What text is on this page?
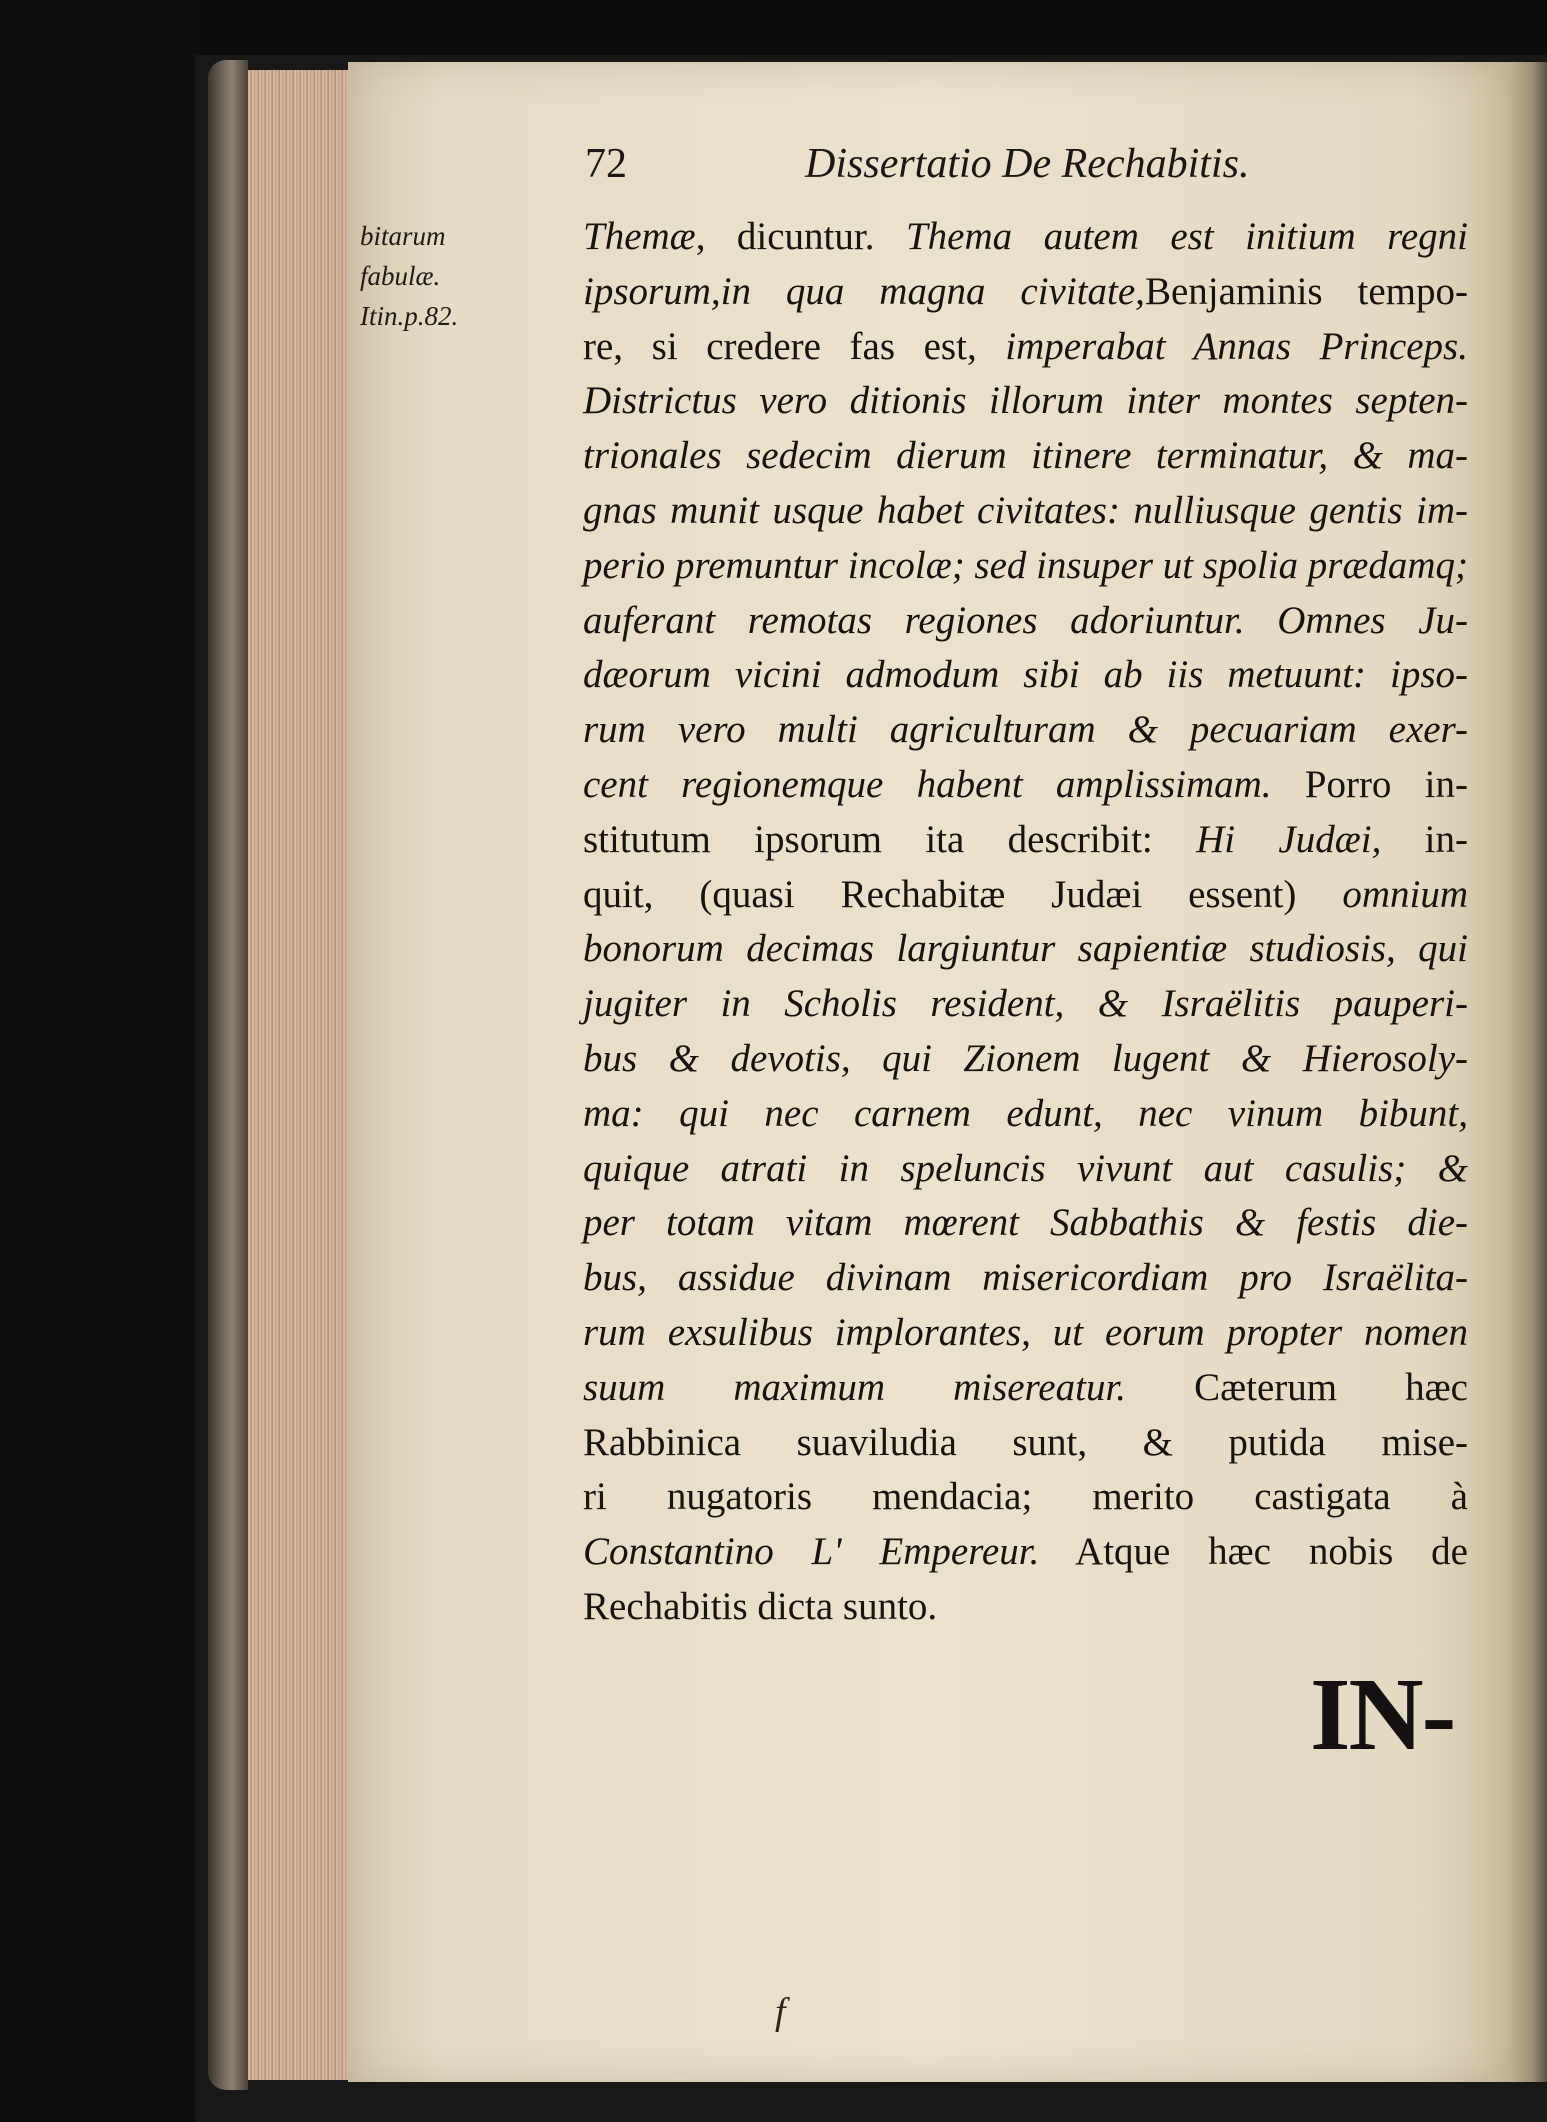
72	Dissertatio De Rechabitis.
bitarum
fabulæ.
Itin.p.82.
Themæ, dicuntur. Thema autem est initium regni
ipsorum,in qua magna civitate,Benjaminis tempo-
re, si credere fas est, imperabat Annas Princeps.
Districtus vero ditionis illorum inter montes septen-
trionales sedecim dierum itinere terminatur, & ma-
gnas munit usque habet civitates: nulliusque gentis im-
perio premuntur incolæ; sed insuper ut spolia prædamq;
auferant remotas regiones adoriuntur. Omnes Ju-
dæorum vicini admodum sibi ab iis metuunt: ipso-
rum vero multi agriculturam & pecuariam exer-
cent regionemque habent amplissimam. Porro in-
stitutum ipsorum ita describit: Hi Judæi, in-
quit, (quasi Rechabitæ Judæi essent) omnium
bonorum decimas largiuntur sapientiæ studiosis, qui
jugiter in Scholis resident, & Israëlitis pauperi-
bus & devotis, qui Zionem lugent & Hierosoly-
ma: qui nec carnem edunt, nec vinum bibunt,
quique atrati in speluncis vivunt aut casulis; &
per totam vitam mœrent Sabbathis & festis die-
bus, assidue divinam misericordiam pro Israëlita-
rum exsulibus implorantes, ut eorum propter nomen
suum maximum misereatur. Cæterum hæc
Rabbinica suaviludia sunt, & putida mise-
ri nugatoris mendacia; merito castigata à
Constantino L' Empereur. Atque hæc nobis de
Rechabitis dicta sunto.
IN-
f
